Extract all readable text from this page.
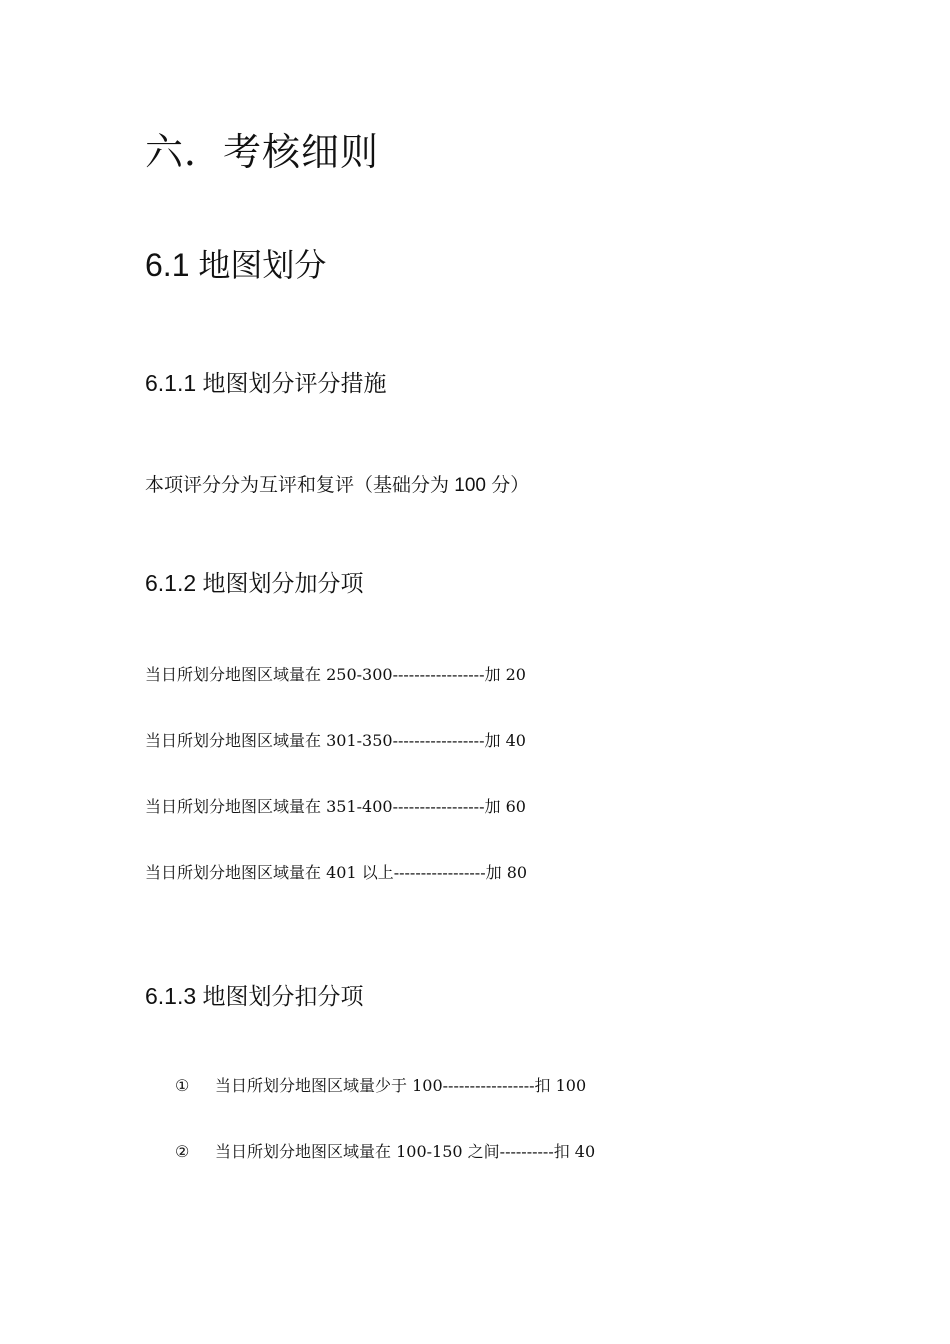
六．考核细则
6.1 地图划分
6.1.1 地图划分评分措施
本项评分分为互评和复评（基础分为 100 分）
6.1.2 地图划分加分项
当日所划分地图区域量在 250-300-----------------加 20
当日所划分地图区域量在 301-350-----------------加 40
当日所划分地图区域量在 351-400-----------------加 60
当日所划分地图区域量在 401 以上-----------------加 80
6.1.3 地图划分扣分项
① 当日所划分地图区域量少于 100-----------------扣 100
② 当日所划分地图区域量在 100-150 之间----------扣 40
